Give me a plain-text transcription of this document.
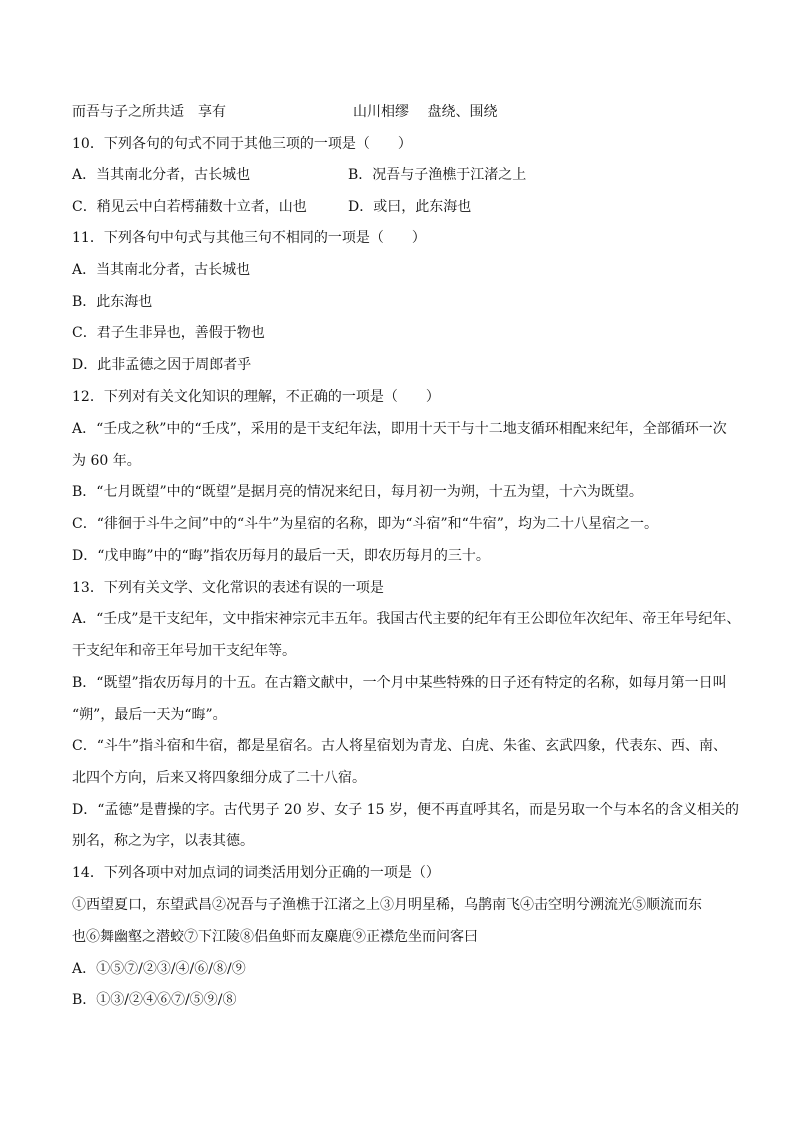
而吾与子之所共适　享有	山川相缪　 盘绕、围绕
10．下列各句的句式不同于其他三项的一项是（　　）
A．当其南北分者，古长城也	B．况吾与子渔樵于江渚之上
C．稍见云中白若樗蒱数十立者，山也	D．或曰，此东海也
11．下列各句中句式与其他三句不相同的一项是（　　）
A．当其南北分者，古长城也
B．此东海也
C．君子生非异也，善假于物也
D．此非孟德之因于周郎者乎
12．下列对有关文化知识的理解，不正确的一项是（　　）
A．“壬戌之秋”中的“壬戌”，采用的是干支纪年法，即用十天干与十二地支循环相配来纪年，全部循环一次
为 60 年。
B．“七月既望”中的“既望”是据月亮的情况来纪日，每月初一为朔，十五为望，十六为既望。
C．“徘徊于斗牛之间”中的“斗牛”为星宿的名称，即为“斗宿”和“牛宿”，均为二十八星宿之一。
D．“戊申晦”中的“晦”指农历每月的最后一天，即农历每月的三十。
13．下列有关文学、文化常识的表述有误的一项是
A．“壬戌”是干支纪年，文中指宋神宗元丰五年。我国古代主要的纪年有王公即位年次纪年、帝王年号纪年、
干支纪年和帝王年号加干支纪年等。
B．“既望”指农历每月的十五。在古籍文献中，一个月中某些特殊的日子还有特定的名称，如每月第一日叫
“朔”，最后一天为“晦”。
C．“斗牛”指斗宿和牛宿，都是星宿名。古人将星宿划为青龙、白虎、朱雀、玄武四象，代表东、西、南、
北四个方向，后来又将四象细分成了二十八宿。
D．“孟德”是曹操的字。古代男子 20 岁、女子 15 岁，便不再直呼其名，而是另取一个与本名的含义相关的
别名，称之为字，以表其德。
14．下列各项中对加点词的词类活用划分正确的一项是（）
①西望夏口，东望武昌②况吾与子渔樵于江渚之上③月明星稀，乌鹊南飞④击空明兮溯流光⑤顺流而东
也⑥舞幽壑之潜蛟⑦下江陵⑧侣鱼虾而友麋鹿⑨正襟危坐而问客曰
A．①⑤⑦/②③/④/⑥/⑧/⑨
B．①③/②④⑥⑦/⑤⑨/⑧
